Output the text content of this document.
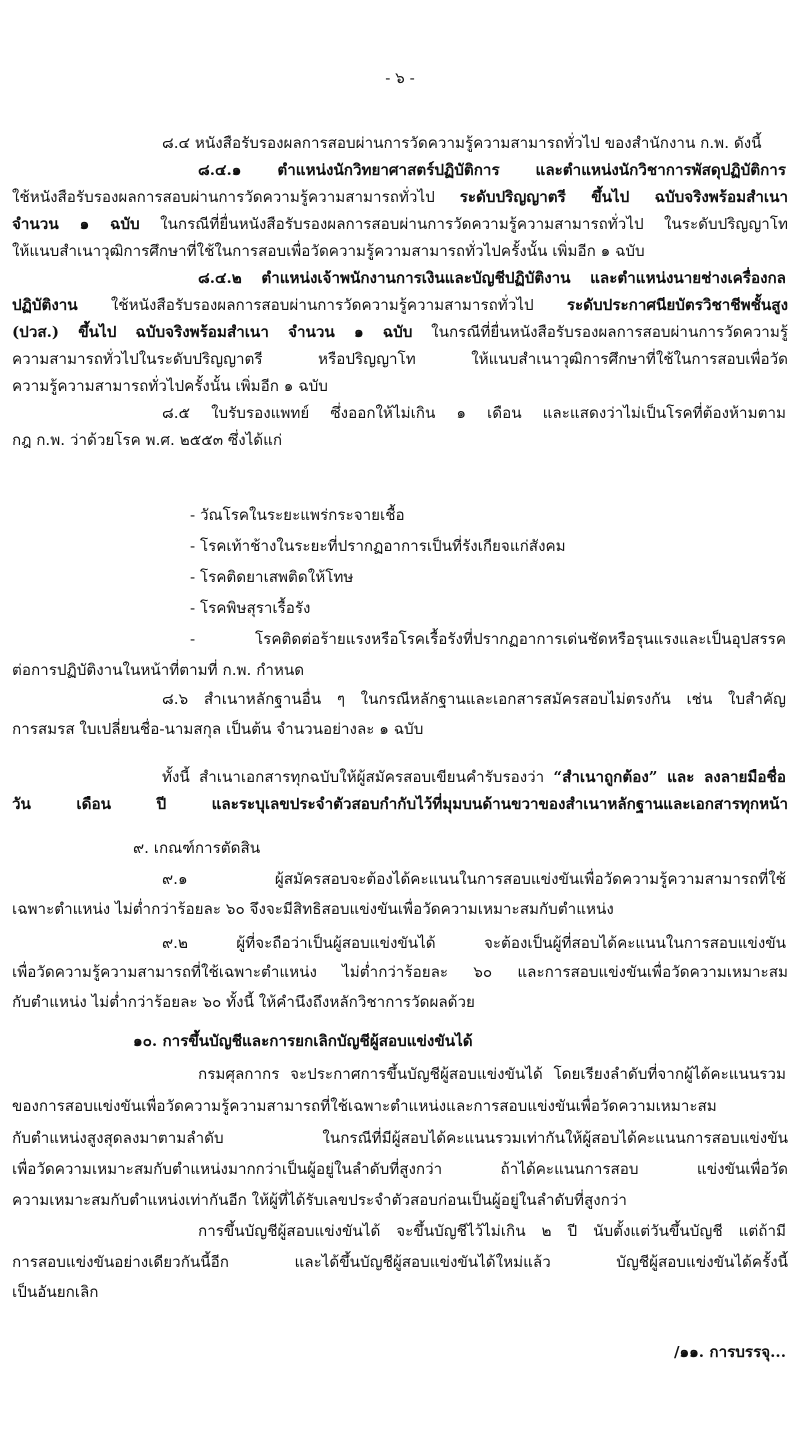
- ๖ -
๘.๔ หนังสือรับรองผลการสอบผ่านการวัดความรู้ความสามารถทั่วไป ของสำนักงาน ก.พ. ดังนี้
๘.๔.๑ ตำแหน่งนักวิทยาศาสตร์ปฏิบัติการ และตำแหน่งนักวิชาการพัสดุปฏิบัติการ
ใช้หนังสือรับรองผลการสอบผ่านการวัดความรู้ความสามารถทั่วไป ระดับปริญญาตรี ขึ้นไป ฉบับจริงพร้อมสำเนา
จำนวน ๑ ฉบับ ในกรณีที่ยื่นหนังสือรับรองผลการสอบผ่านการวัดความรู้ความสามารถทั่วไป ในระดับปริญญาโท
ให้แนบสำเนาวุฒิการศึกษาที่ใช้ในการสอบเพื่อวัดความรู้ความสามารถทั่วไปครั้งนั้น เพิ่มอีก ๑ ฉบับ
๘.๔.๒ ตำแหน่งเจ้าพนักงานการเงินและบัญชีปฏิบัติงาน และตำแหน่งนายช่างเครื่องกล
ปฏิบัติงาน ใช้หนังสือรับรองผลการสอบผ่านการวัดความรู้ความสามารถทั่วไป ระดับประกาศนียบัตรวิชาชีพชั้นสูง
(ปวส.) ขึ้นไป ฉบับจริงพร้อมสำเนา จำนวน ๑ ฉบับ ในกรณีที่ยื่นหนังสือรับรองผลการสอบผ่านการวัดความรู้
ความสามารถทั่วไปในระดับปริญญาตรี หรือปริญญาโท ให้แนบสำเนาวุฒิการศึกษาที่ใช้ในการสอบเพื่อวัด
ความรู้ความสามารถทั่วไปครั้งนั้น เพิ่มอีก ๑ ฉบับ
๘.๕ ใบรับรองแพทย์ ซึ่งออกให้ไม่เกิน ๑ เดือน และแสดงว่าไม่เป็นโรคที่ต้องห้ามตาม
กฎ ก.พ. ว่าด้วยโรค พ.ศ. ๒๕๕๓ ซึ่งได้แก่
- วัณโรคในระยะแพร่กระจายเชื้อ
- โรคเท้าช้างในระยะที่ปรากฏอาการเป็นที่รังเกียจแก่สังคม
- โรคติดยาเสพติดให้โทษ
- โรคพิษสุราเรื้อรัง
- โรคติดต่อร้ายแรงหรือโรคเรื้อรังที่ปรากฏอาการเด่นชัดหรือรุนแรงและเป็นอุปสรรค
ต่อการปฏิบัติงานในหน้าที่ตามที่ ก.พ. กำหนด
๘.๖ สำเนาหลักฐานอื่น ๆ ในกรณีหลักฐานและเอกสารสมัครสอบไม่ตรงกัน เช่น ใบสำคัญ
การสมรส ใบเปลี่ยนชื่อ-นามสกุล เป็นต้น จำนวนอย่างละ ๑ ฉบับ
ทั้งนี้ สำเนาเอกสารทุกฉบับให้ผู้สมัครสอบเขียนคำรับรองว่า “สำเนาถูกต้อง” และ ลงลายมือชื่อ
วัน เดือน ปี และระบุเลขประจำตัวสอบกำกับไว้ที่มุมบนด้านขวาของสำเนาหลักฐานและเอกสารทุกหน้า
๙. เกณฑ์การตัดสิน
๙.๑ ผู้สมัครสอบจะต้องได้คะแนนในการสอบแข่งขันเพื่อวัดความรู้ความสามารถที่ใช้
เฉพาะตำแหน่ง ไม่ต่ำกว่าร้อยละ ๖๐ จึงจะมีสิทธิสอบแข่งขันเพื่อวัดความเหมาะสมกับตำแหน่ง
๙.๒ ผู้ที่จะถือว่าเป็นผู้สอบแข่งขันได้ จะต้องเป็นผู้ที่สอบได้คะแนนในการสอบแข่งขัน
เพื่อวัดความรู้ความสามารถที่ใช้เฉพาะตำแหน่ง ไม่ต่ำกว่าร้อยละ ๖๐ และการสอบแข่งขันเพื่อวัดความเหมาะสม
กับตำแหน่ง ไม่ต่ำกว่าร้อยละ ๖๐ ทั้งนี้ ให้คำนึงถึงหลักวิชาการวัดผลด้วย
๑๐. การขึ้นบัญชีและการยกเลิกบัญชีผู้สอบแข่งขันได้
กรมศุลกากร จะประกาศการขึ้นบัญชีผู้สอบแข่งขันได้ โดยเรียงลำดับที่จากผู้ได้คะแนนรวม
ของการสอบแข่งขันเพื่อวัดความรู้ความสามารถที่ใช้เฉพาะตำแหน่งและการสอบแข่งขันเพื่อวัดความเหมาะสม
กับตำแหน่งสูงสุดลงมาตามลำดับ ในกรณีที่มีผู้สอบได้คะแนนรวมเท่ากันให้ผู้สอบได้คะแนนการสอบแข่งขัน
เพื่อวัดความเหมาะสมกับตำแหน่งมากกว่าเป็นผู้อยู่ในลำดับที่สูงกว่า ถ้าได้คะแนนการสอบ แข่งขันเพื่อวัด
ความเหมาะสมกับตำแหน่งเท่ากันอีก ให้ผู้ที่ได้รับเลขประจำตัวสอบก่อนเป็นผู้อยู่ในลำดับที่สูงกว่า
การขึ้นบัญชีผู้สอบแข่งขันได้ จะขึ้นบัญชีไว้ไม่เกิน ๒ ปี นับตั้งแต่วันขึ้นบัญชี แต่ถ้ามี
การสอบแข่งขันอย่างเดียวกันนี้อีก และได้ขึ้นบัญชีผู้สอบแข่งขันได้ใหม่แล้ว บัญชีผู้สอบแข่งขันได้ครั้งนี้
เป็นอันยกเลิก
/๑๑. การบรรจุ...
